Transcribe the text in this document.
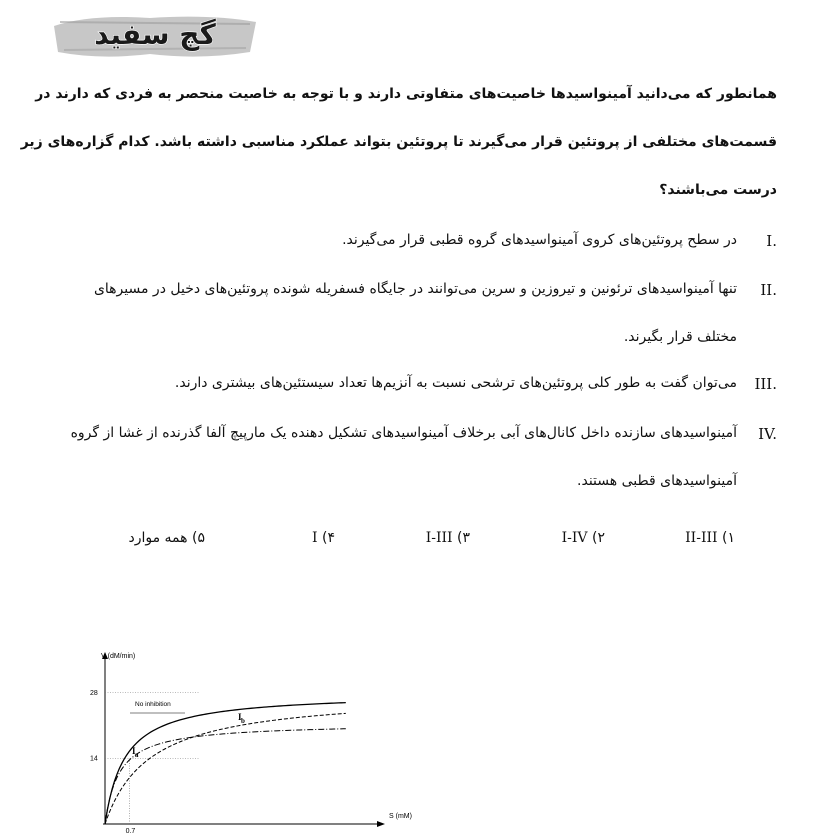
گچ سفید
همانطور که می‌دانید آمینواسیدها خاصیت‌های متفاوتی دارند و با توجه به خاصیت منحصر به فردی که دارند در
قسمت‌های مختلفی از پروتئین قرار می‌گیرند تا پروتئین بتواند عملکرد مناسبی داشته باشد. کدام گزاره‌های زیر
درست می‌باشند؟
I.
در سطح پروتئین‌های کروی آمینواسیدهای گروه قطبی قرار می‌گیرند.
II.
تنها آمینواسیدهای ترئونین و تیروزین و سرین می‌توانند در جایگاه فسفریله شونده پروتئین‌های دخیل در مسیرهای
مختلف قرار بگیرند.
III.
می‌توان گفت به طور کلی پروتئین‌های ترشحی نسبت به آنزیم‌ها تعداد سیستئین‌های بیشتری دارند.
IV.
آمینواسیدهای سازنده داخل کانال‌های آبی برخلاف آمینواسیدهای تشکیل دهنده یک مارپیچ آلفا گذرنده از غشا از گروه
آمینواسیدهای قطبی هستند.
۱) II-III
۲) I-IV
۳) I-III
۴) I
۵) همه موارد
V (dM/min)
S (mM)
14
28
0.7
No inhibition
I a
I b
